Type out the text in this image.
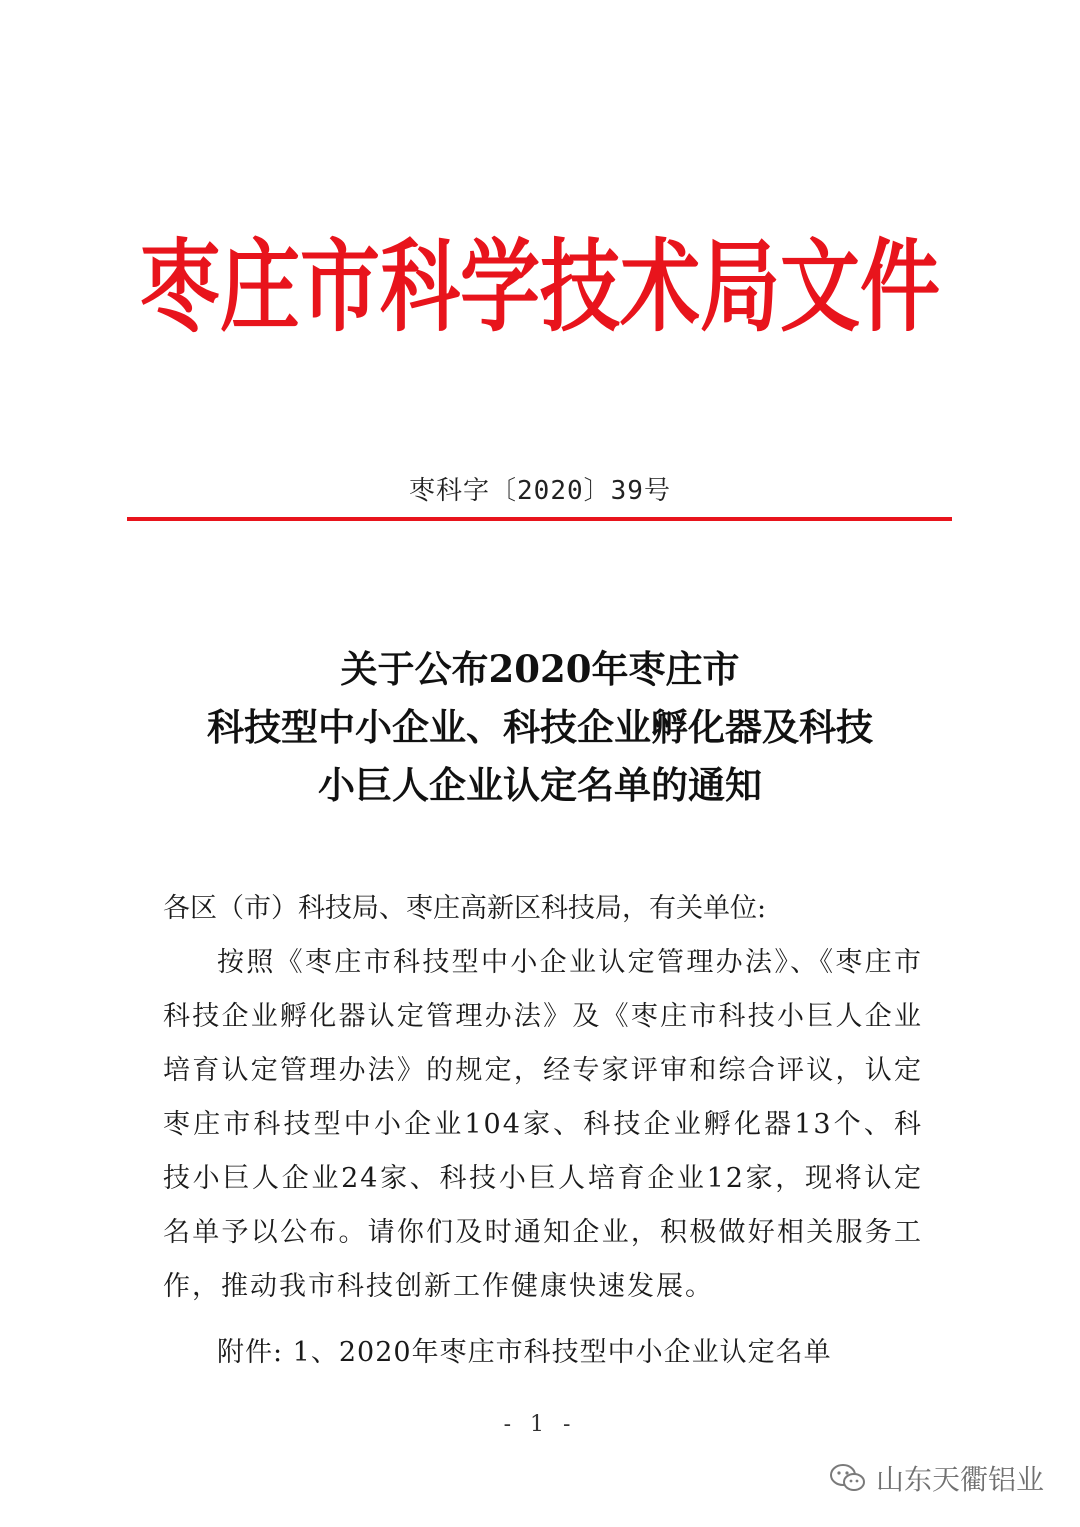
枣庄市科学技术局文件
枣科字〔2020〕39号
关于公布2020年枣庄市
科技型中小企业、科技企业孵化器及科技
小巨人企业认定名单的通知
各区（市）科技局、枣庄高新区科技局，有关单位:
按照《枣庄市科技型中小企业认定管理办法》、《枣庄市科技企业孵化器认定管理办法》及《枣庄市科技小巨人企业培育认定管理办法》的规定，经专家评审和综合评议，认定枣庄市科技型中小企业104家、科技企业孵化器13个、科技小巨人企业24家、科技小巨人培育企业12家，现将认定名单予以公布。请你们及时通知企业，积极做好相关服务工作，推动我市科技创新工作健康快速发展。
附件: 1、2020年枣庄市科技型中小企业认定名单
- 1 -
山东天衢铝业
